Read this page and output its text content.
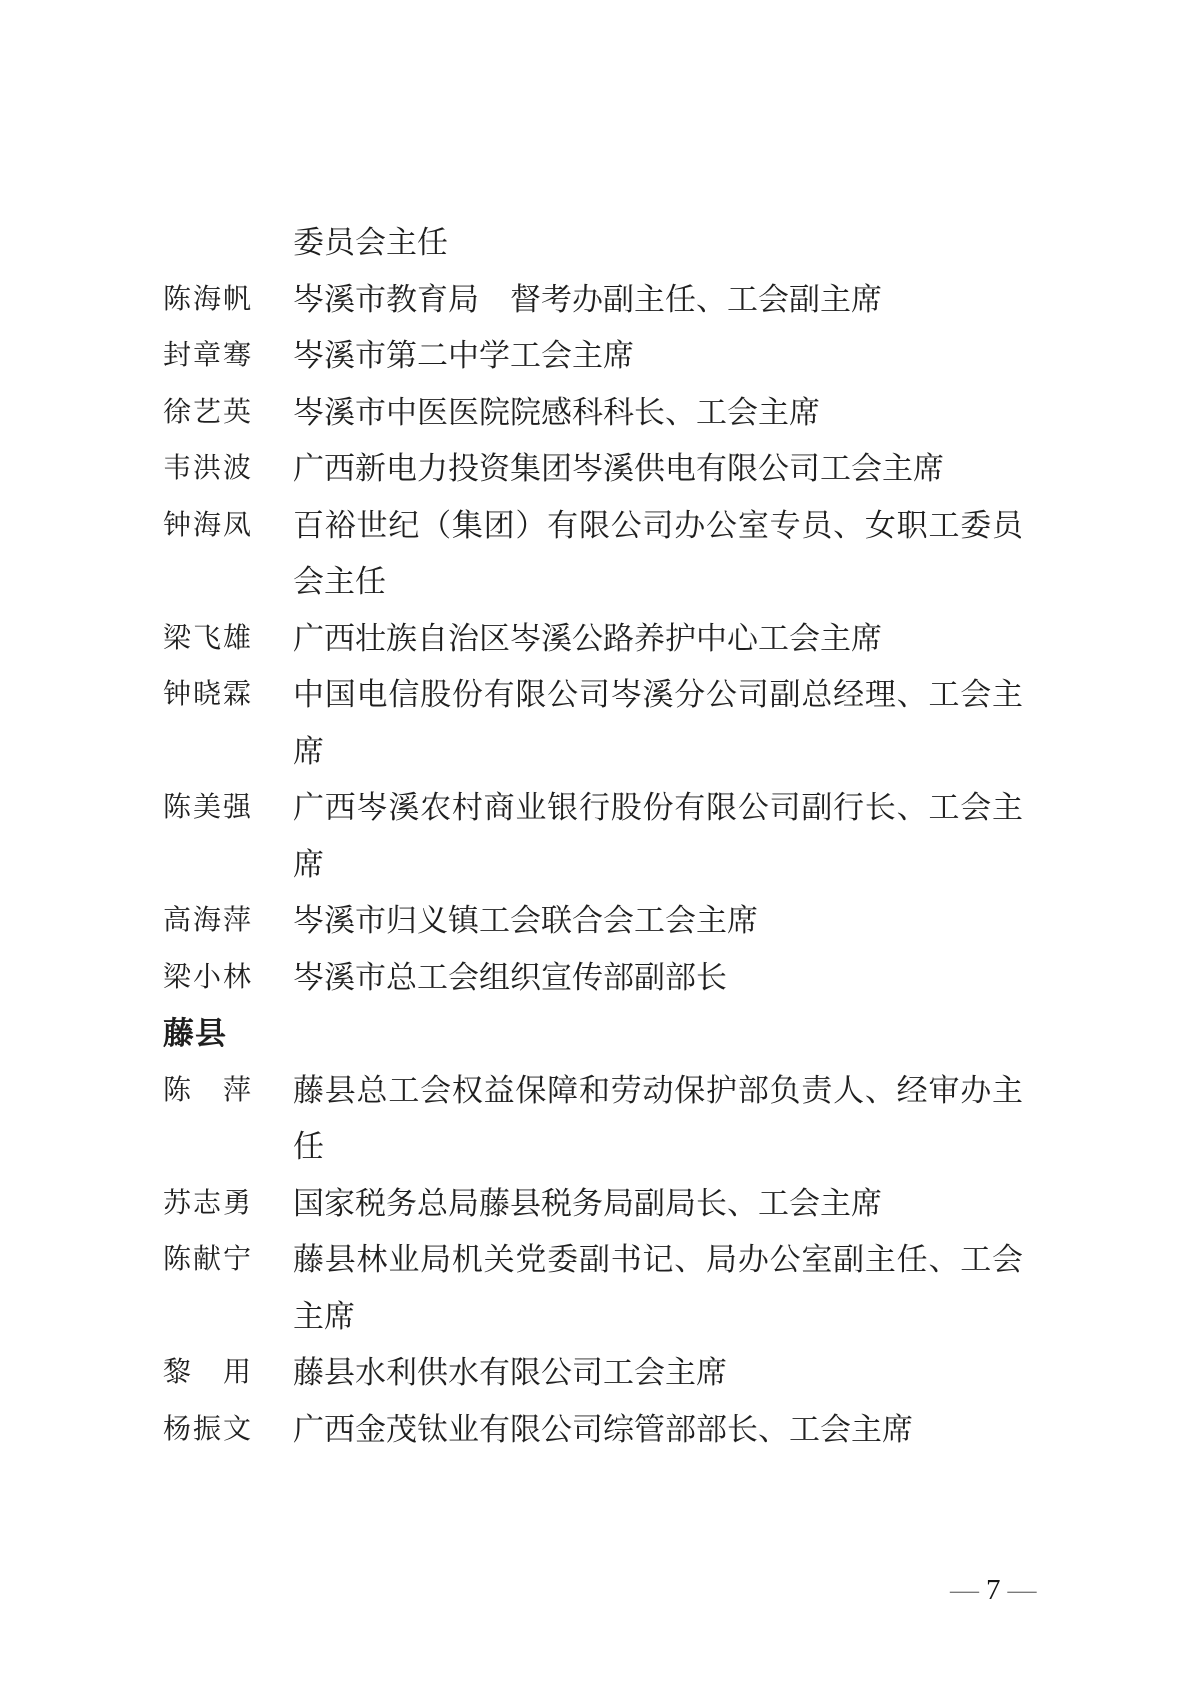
委员会主任
陈海帆 岑溪市教育局　督考办副主任、工会副主席
封章骞 岑溪市第二中学工会主席
徐艺英 岑溪市中医医院院感科科长、工会主席
韦洪波 广西新电力投资集团岑溪供电有限公司工会主席
钟海凤 百裕世纪（集团）有限公司办公室专员、女职工委员会主任
梁飞雄 广西壮族自治区岑溪公路养护中心工会主席
钟晓霖 中国电信股份有限公司岑溪分公司副总经理、工会主席
陈美强 广西岑溪农村商业银行股份有限公司副行长、工会主席
高海萍 岑溪市归义镇工会联合会工会主席
梁小林 岑溪市总工会组织宣传部副部长
藤县
陈　萍 藤县总工会权益保障和劳动保护部负责人、经审办主任
苏志勇 国家税务总局藤县税务局副局长、工会主席
陈献宁 藤县林业局机关党委副书记、局办公室副主任、工会主席
黎　用 藤县水利供水有限公司工会主席
杨振文 广西金茂钛业有限公司综管部部长、工会主席
— 7 —
